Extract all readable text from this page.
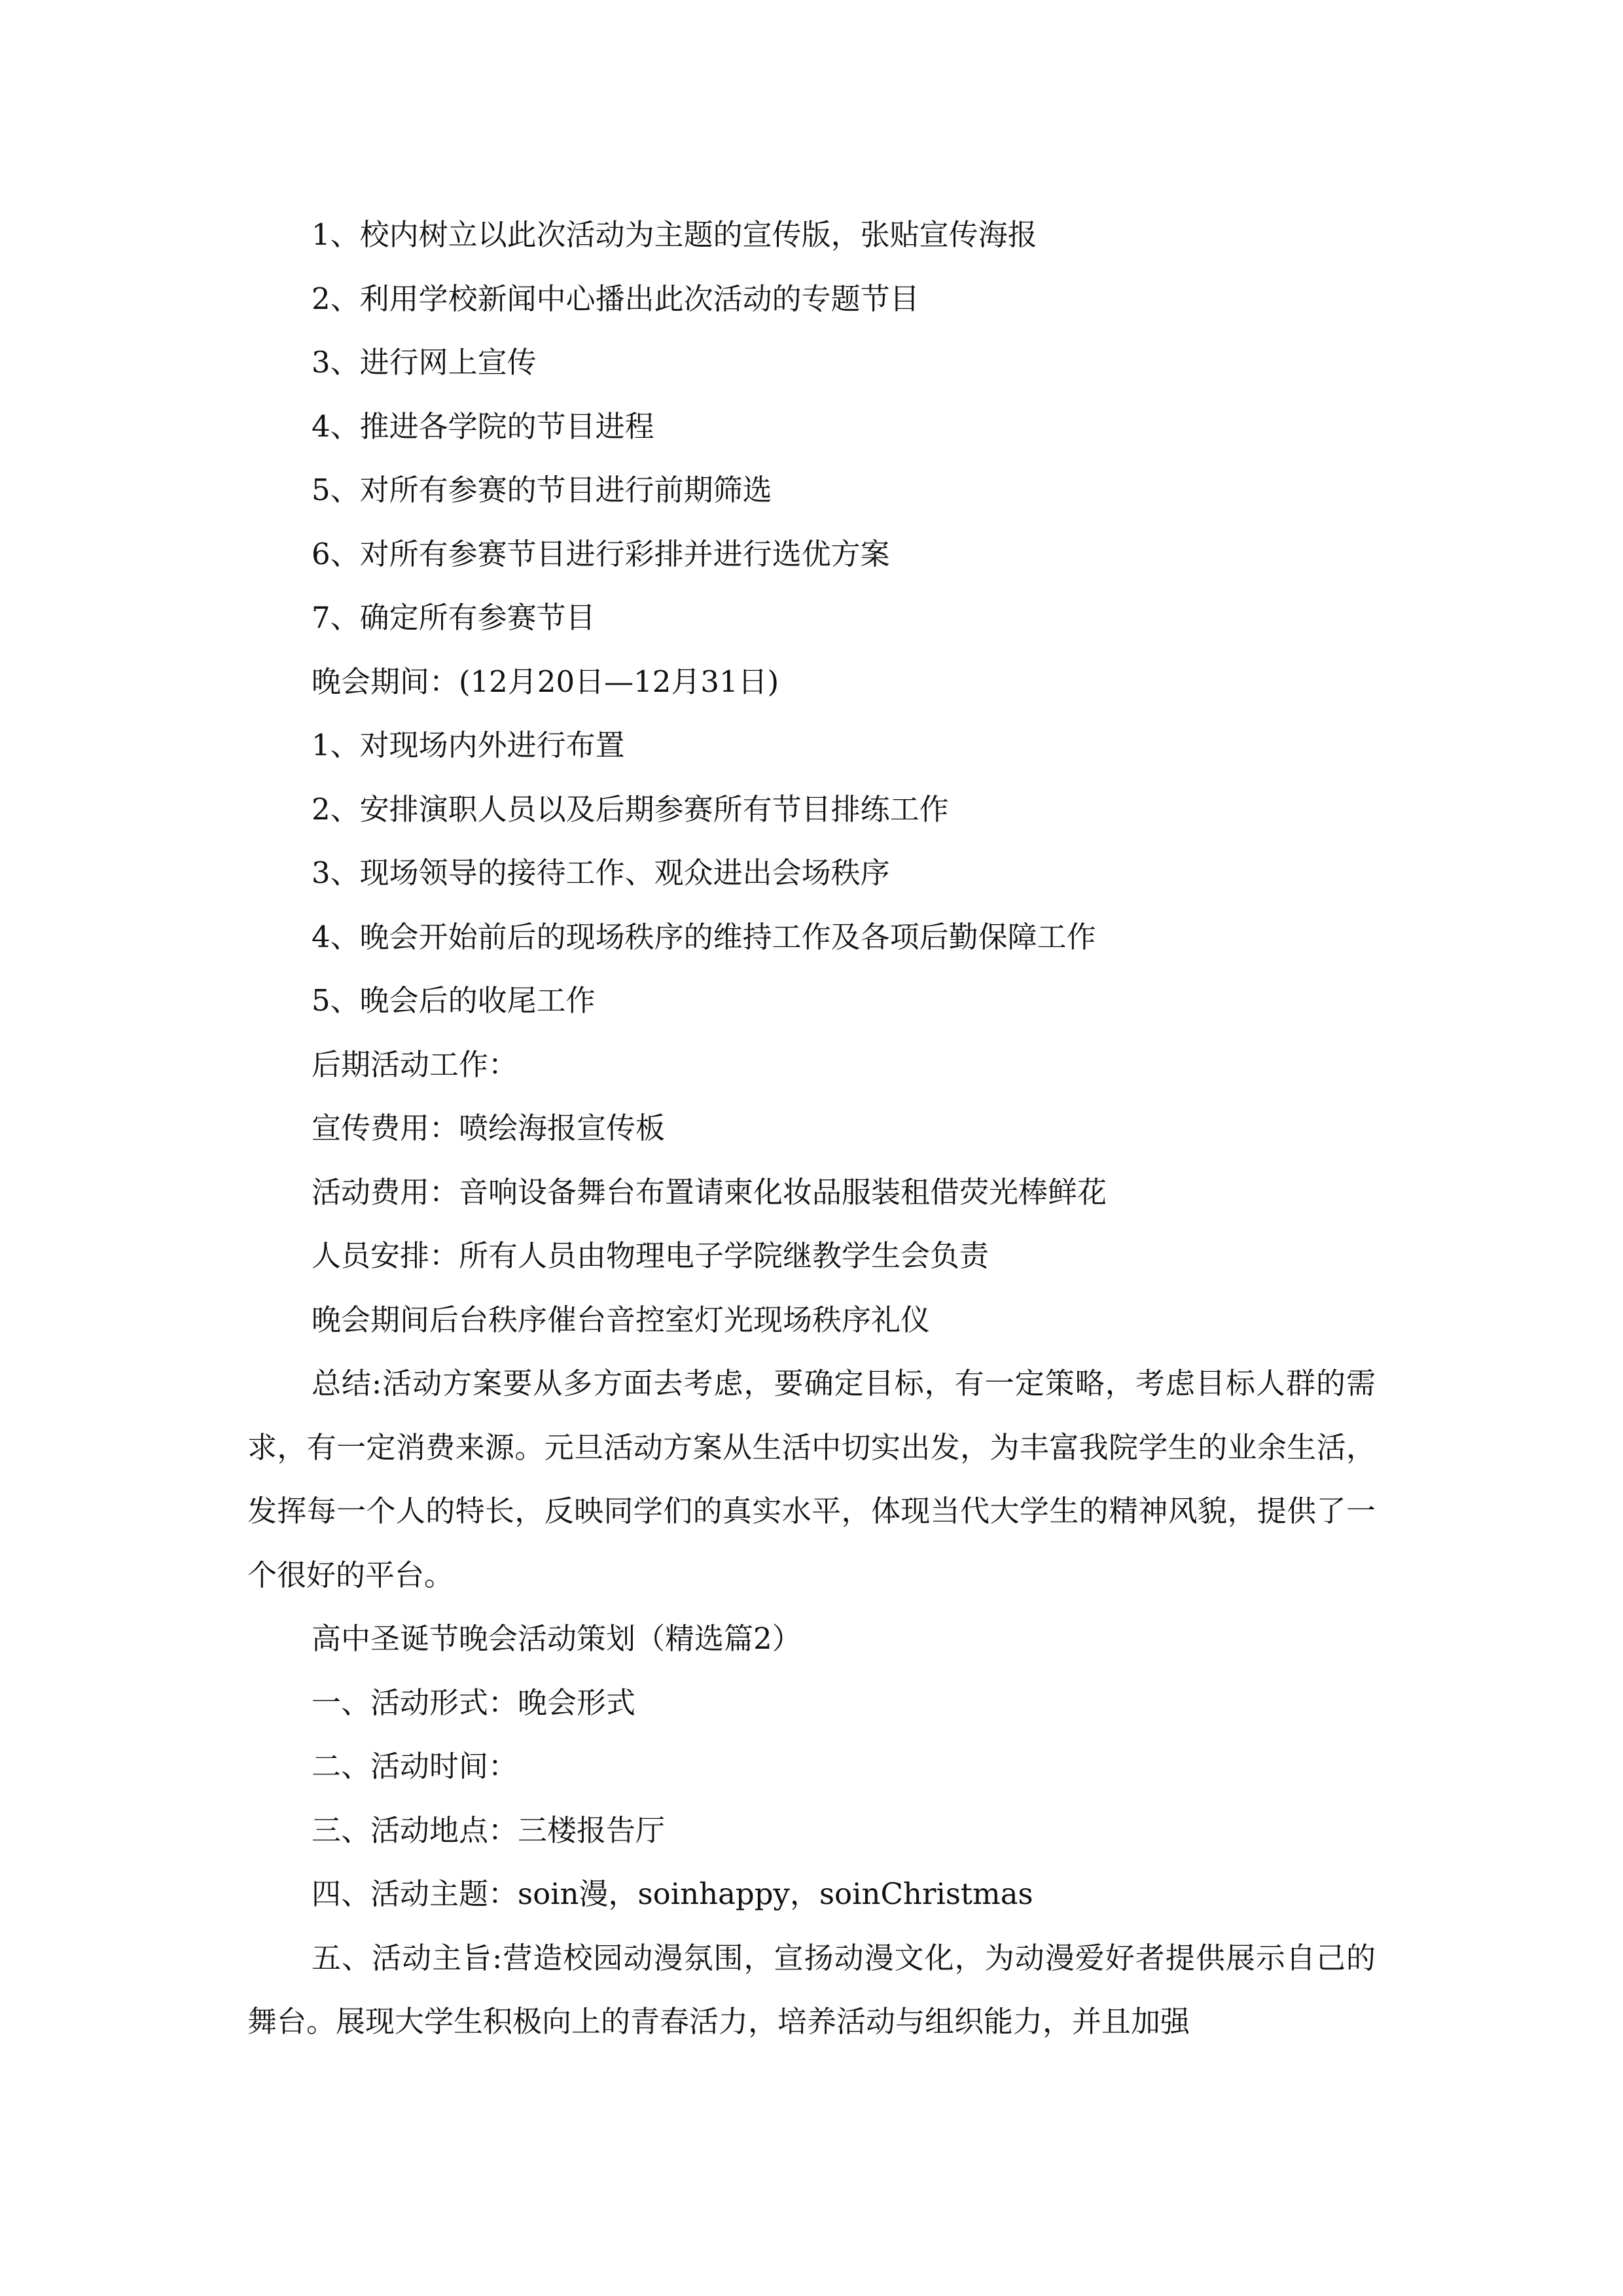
1、校内树立以此次活动为主题的宣传版，张贴宣传海报
2、利用学校新闻中心播出此次活动的专题节目
3、进行网上宣传
4、推进各学院的节目进程
5、对所有参赛的节目进行前期筛选
6、对所有参赛节目进行彩排并进行选优方案
7、确定所有参赛节目
晚会期间：(12月20日—12月31日)
1、对现场内外进行布置
2、安排演职人员以及后期参赛所有节目排练工作
3、现场领导的接待工作、观众进出会场秩序
4、晚会开始前后的现场秩序的维持工作及各项后勤保障工作
5、晚会后的收尾工作
后期活动工作：
宣传费用：喷绘海报宣传板
活动费用：音响设备舞台布置请柬化妆品服装租借荧光棒鲜花
人员安排：所有人员由物理电子学院继教学生会负责
晚会期间后台秩序催台音控室灯光现场秩序礼仪
总结:活动方案要从多方面去考虑，要确定目标，有一定策略，考虑目标人群的需求，有一定消费来源。元旦活动方案从生活中切实出发，为丰富我院学生的业余生活，发挥每一个人的特长，反映同学们的真实水平，体现当代大学生的精神风貌，提供了一个很好的平台。
高中圣诞节晚会活动策划（精选篇2）
一、活动形式：晚会形式
二、活动时间：
三、活动地点：三楼报告厅
四、活动主题：soin漫，soinhappy，soinChristmas
五、活动主旨:营造校园动漫氛围，宣扬动漫文化，为动漫爱好者提供展示自己的舞台。展现大学生积极向上的青春活力，培养活动与组织能力，并且加强
